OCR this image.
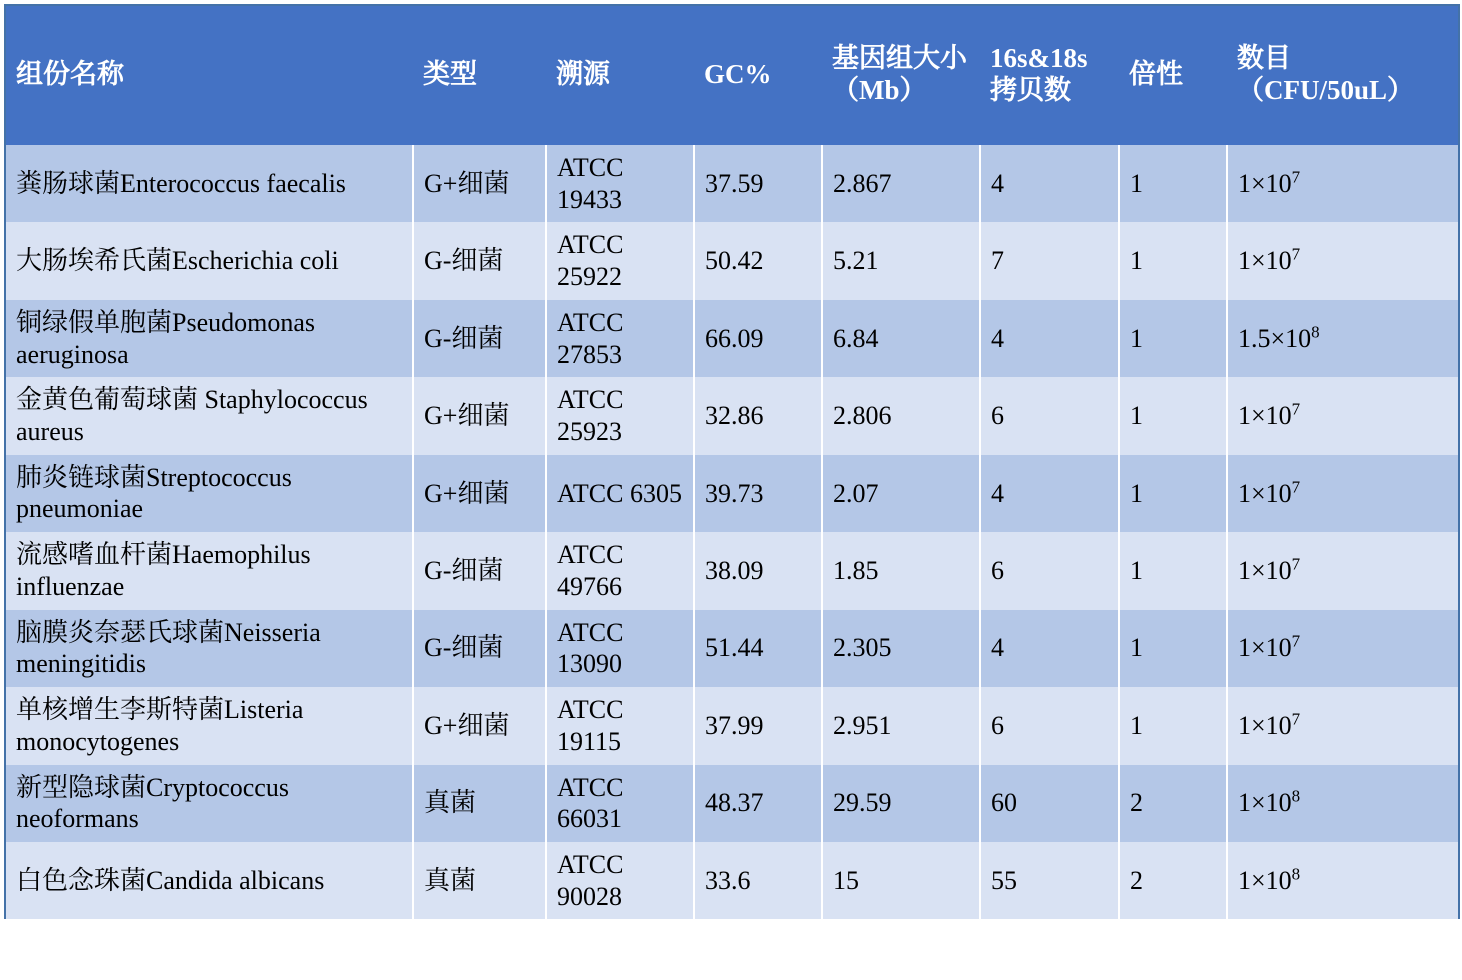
组份名称	类型	溯源	GC%	基因组大小（Mb）	16s&18s拷贝数	倍性	数目（CFU/50uL）
粪肠球菌Enterococcus faecalis	G+细菌	ATCC 19433	37.59	2.867	4	1	$1\times 10^7$
大肠埃希氏菌Escherichia coli	G-细菌	ATCC 25922	50.42	5.21	7	1	$1\times 10^7$
铜绿假单胞菌Pseudomonas aeruginosa	G-细菌	ATCC 27853	66.09	6.84	4	1	$1.5\times 10^8$
金黄色葡萄球菌 Staphylococcus aureus	G+细菌	ATCC 25923	32.86	2.806	6	1	$1\times 10^7$
肺炎链球菌Streptococcus pneumoniae	G+细菌	ATCC 6305	39.73	2.07	4	1	$1\times 10^7$
流感嗜血杆菌Haemophilus influenzae	G-细菌	ATCC 49766	38.09	1.85	6	1	$1\times 10^7$
脑膜炎奈瑟氏球菌Neisseria meningitidis	G-细菌	ATCC 13090	51.44	2.305	4	1	$1\times 10^7$
单核增生李斯特菌Listeria monocytogenes	G+细菌	ATCC 19115	37.99	2.951	6	1	$1\times 10^7$
新型隐球菌Cryptococcus neoformans	真菌	ATCC 66031	48.37	29.59	60	2	$1\times 10^8$
白色念珠菌Candida albicans	真菌	ATCC 90028	33.6	15	55	2	$1\times 10^8$
